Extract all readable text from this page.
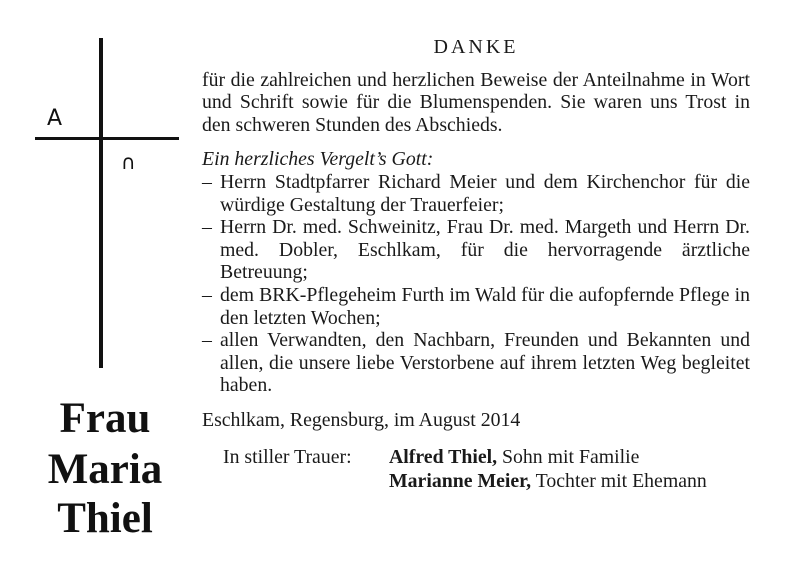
A
∩
Frau
Maria
Thiel
DANKE

für die zahlreichen und herzlichen Beweise der Anteilnahme in Wort und Schrift sowie für die Blumenspenden. Sie waren uns Trost in den schweren Stunden des Abschieds.

Ein herzliches Vergelt’s Gott:

– Herrn Stadtpfarrer Richard Meier und dem Kirchenchor für die würdige Gestaltung der Trauerfeier;
– Herrn Dr. med. Schweinitz, Frau Dr. med. Margeth und Herrn Dr. med. Dobler, Eschlkam, für die hervorragende ärztliche Betreuung;
– dem BRK-Pflegeheim Furth im Wald für die aufopfernde Pflege in den letzten Wochen;
– allen Verwandten, den Nachbarn, Freunden und Bekannten und allen, die unsere liebe Verstorbene auf ihrem letzten Weg begleitet haben.

Eschlkam, Regensburg, im August 2014

In stiller Trauer: Alfred Thiel, Sohn mit Familie
Marianne Meier, Tochter mit Ehemann
